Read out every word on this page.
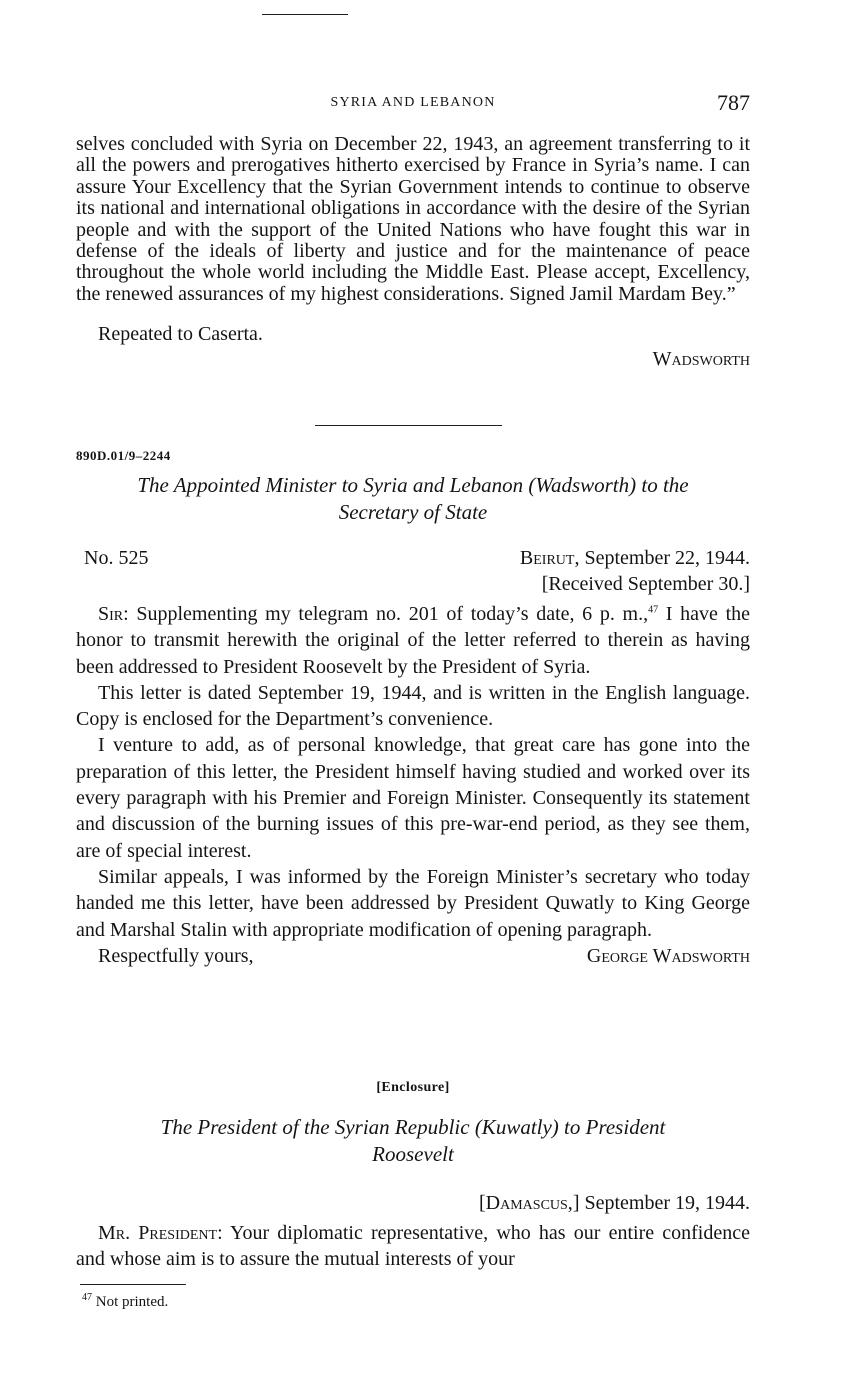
SYRIA AND LEBANON	787

selves concluded with Syria on December 22, 1943, an agreement transferring to it all the powers and prerogatives hitherto exercised by France in Syria’s name. I can assure Your Excellency that the Syrian Government intends to continue to observe its national and international obligations in accordance with the desire of the Syrian people and with the support of the United Nations who have fought this war in defense of the ideals of liberty and justice and for the maintenance of peace throughout the whole world including the Middle East. Please accept, Excellency, the renewed assurances of my highest considerations. Signed Jamil Mardam Bey.”

Repeated to Caserta.

Wadsworth

890D.01/9–2244

The Appointed Minister to Syria and Lebanon (Wadsworth) to the

Secretary of State

No. 525	Beirut, September 22, 1944.

[Received September 30.]

Sir: Supplementing my telegram no. 201 of today’s date, 6 p. m.,$^{47}$ I have the honor to transmit herewith the original of the letter referred to therein as having been addressed to President Roosevelt by the President of Syria.

This letter is dated September 19, 1944, and is written in the English language. Copy is enclosed for the Department’s convenience.

I venture to add, as of personal knowledge, that great care has gone into the preparation of this letter, the President himself having studied and worked over its every paragraph with his Premier and Foreign Minister. Consequently its statement and discussion of the burning issues of this pre-war-end period, as they see them, are of special interest.

Similar appeals, I was informed by the Foreign Minister’s secretary who today handed me this letter, have been addressed by President Quwatly to King George and Marshal Stalin with appropriate modification of opening paragraph.

Respectfully yours,	George Wadsworth

[Enclosure]

The President of the Syrian Republic (Kuwatly) to President

Roosevelt

[Damascus,] September 19, 1944.

Mr. President: Your diplomatic representative, who has our entire confidence and whose aim is to assure the mutual interests of your

$^{47}$ Not printed.
